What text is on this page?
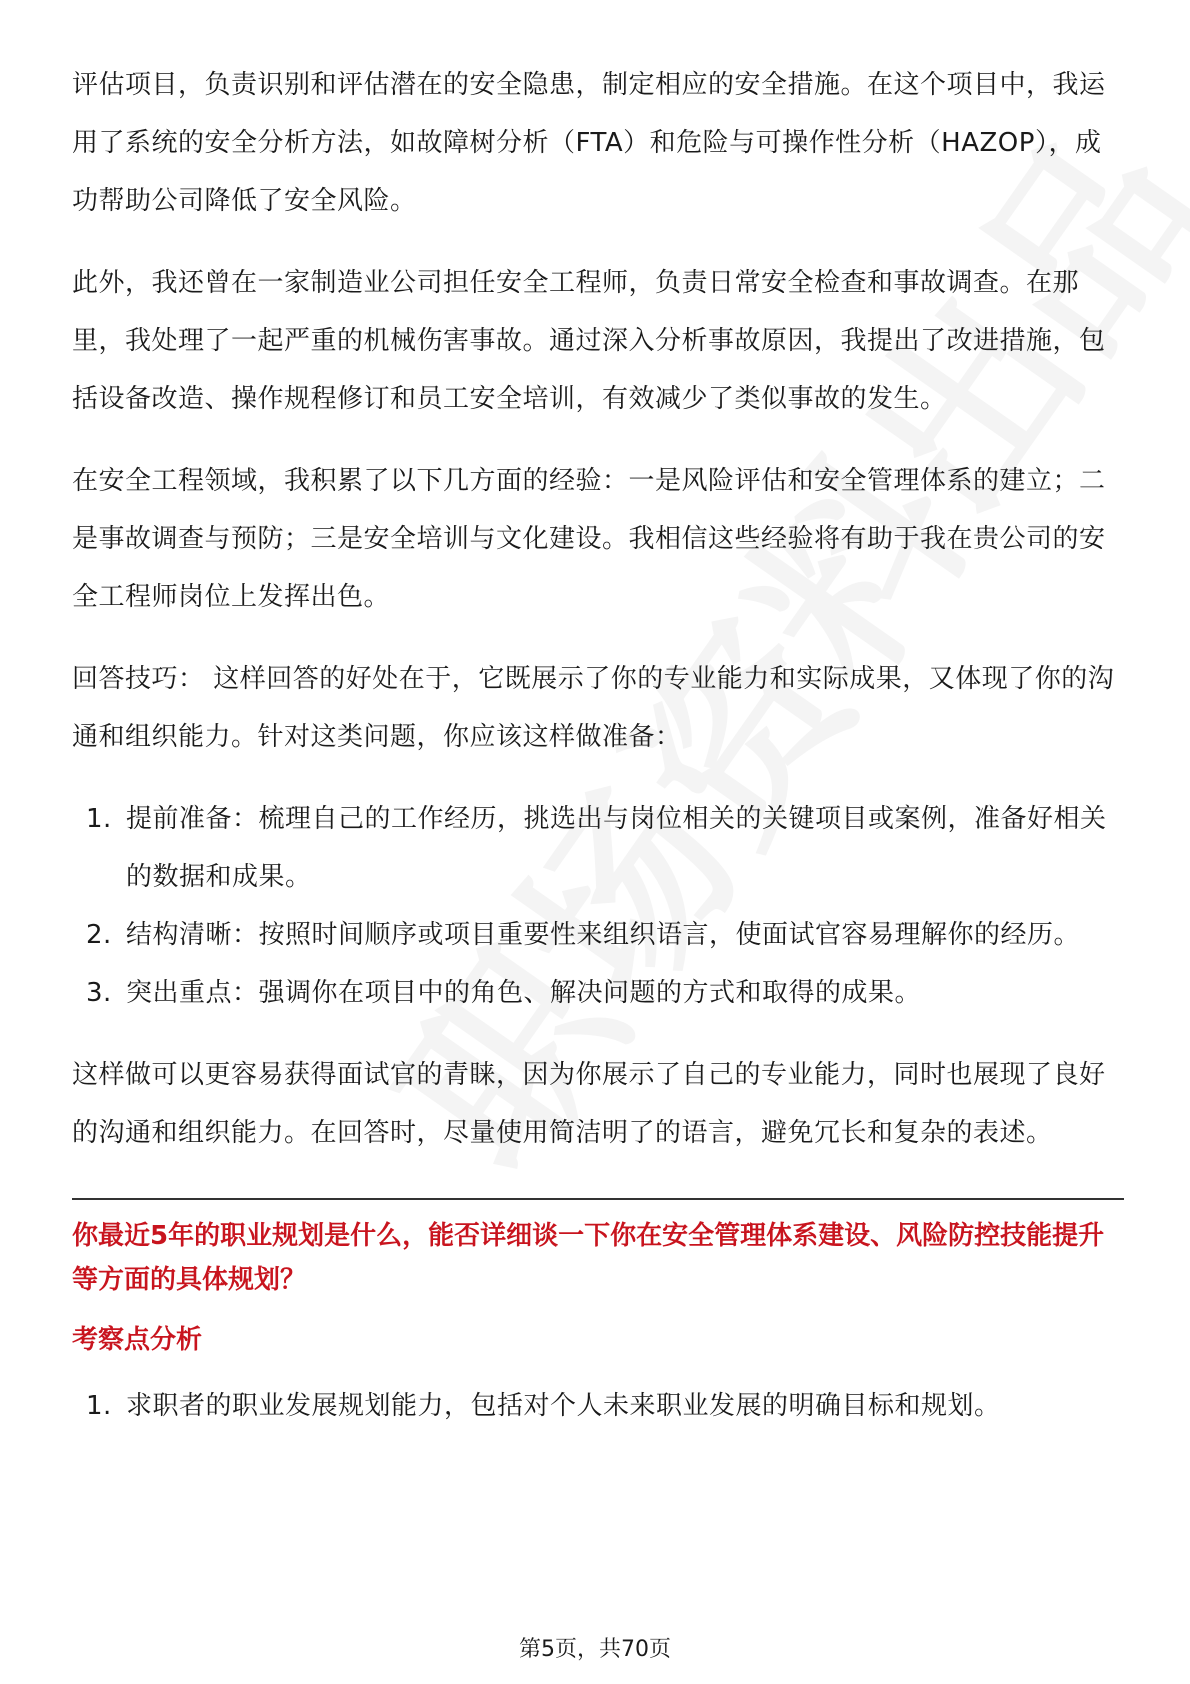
评估项目，负责识别和评估潜在的安全隐患，制定相应的安全措施。在这个项目中，我运用了系统的安全分析方法，如故障树分析（FTA）和危险与可操作性分析（HAZOP），成功帮助公司降低了安全风险。

此外，我还曾在一家制造业公司担任安全工程师，负责日常安全检查和事故调查。在那里，我处理了一起严重的机械伤害事故。通过深入分析事故原因，我提出了改进措施，包括设备改造、操作规程修订和员工安全培训，有效减少了类似事故的发生。

在安全工程领域，我积累了以下几方面的经验：一是风险评估和安全管理体系的建立；二是事故调查与预防；三是安全培训与文化建设。我相信这些经验将有助于我在贵公司的安全工程师岗位上发挥出色。

回答技巧： 这样回答的好处在于，它既展示了你的专业能力和实际成果，又体现了你的沟通和组织能力。针对这类问题，你应该这样做准备：

1. 提前准备：梳理自己的工作经历，挑选出与岗位相关的关键项目或案例，准备好相关的数据和成果。
2. 结构清晰：按照时间顺序或项目重要性来组织语言，使面试官容易理解你的经历。
3. 突出重点：强调你在项目中的角色、解决问题的方式和取得的成果。

这样做可以更容易获得面试官的青睐，因为你展示了自己的专业能力，同时也展现了良好的沟通和组织能力。在回答时，尽量使用简洁明了的语言，避免冗长和复杂的表述。

你最近5年的职业规划是什么，能否详细谈一下你在安全管理体系建设、风险防控技能提升等方面的具体规划？

考察点分析

1. 求职者的职业发展规划能力，包括对个人未来职业发展的明确目标和规划。
第5页，共70页
